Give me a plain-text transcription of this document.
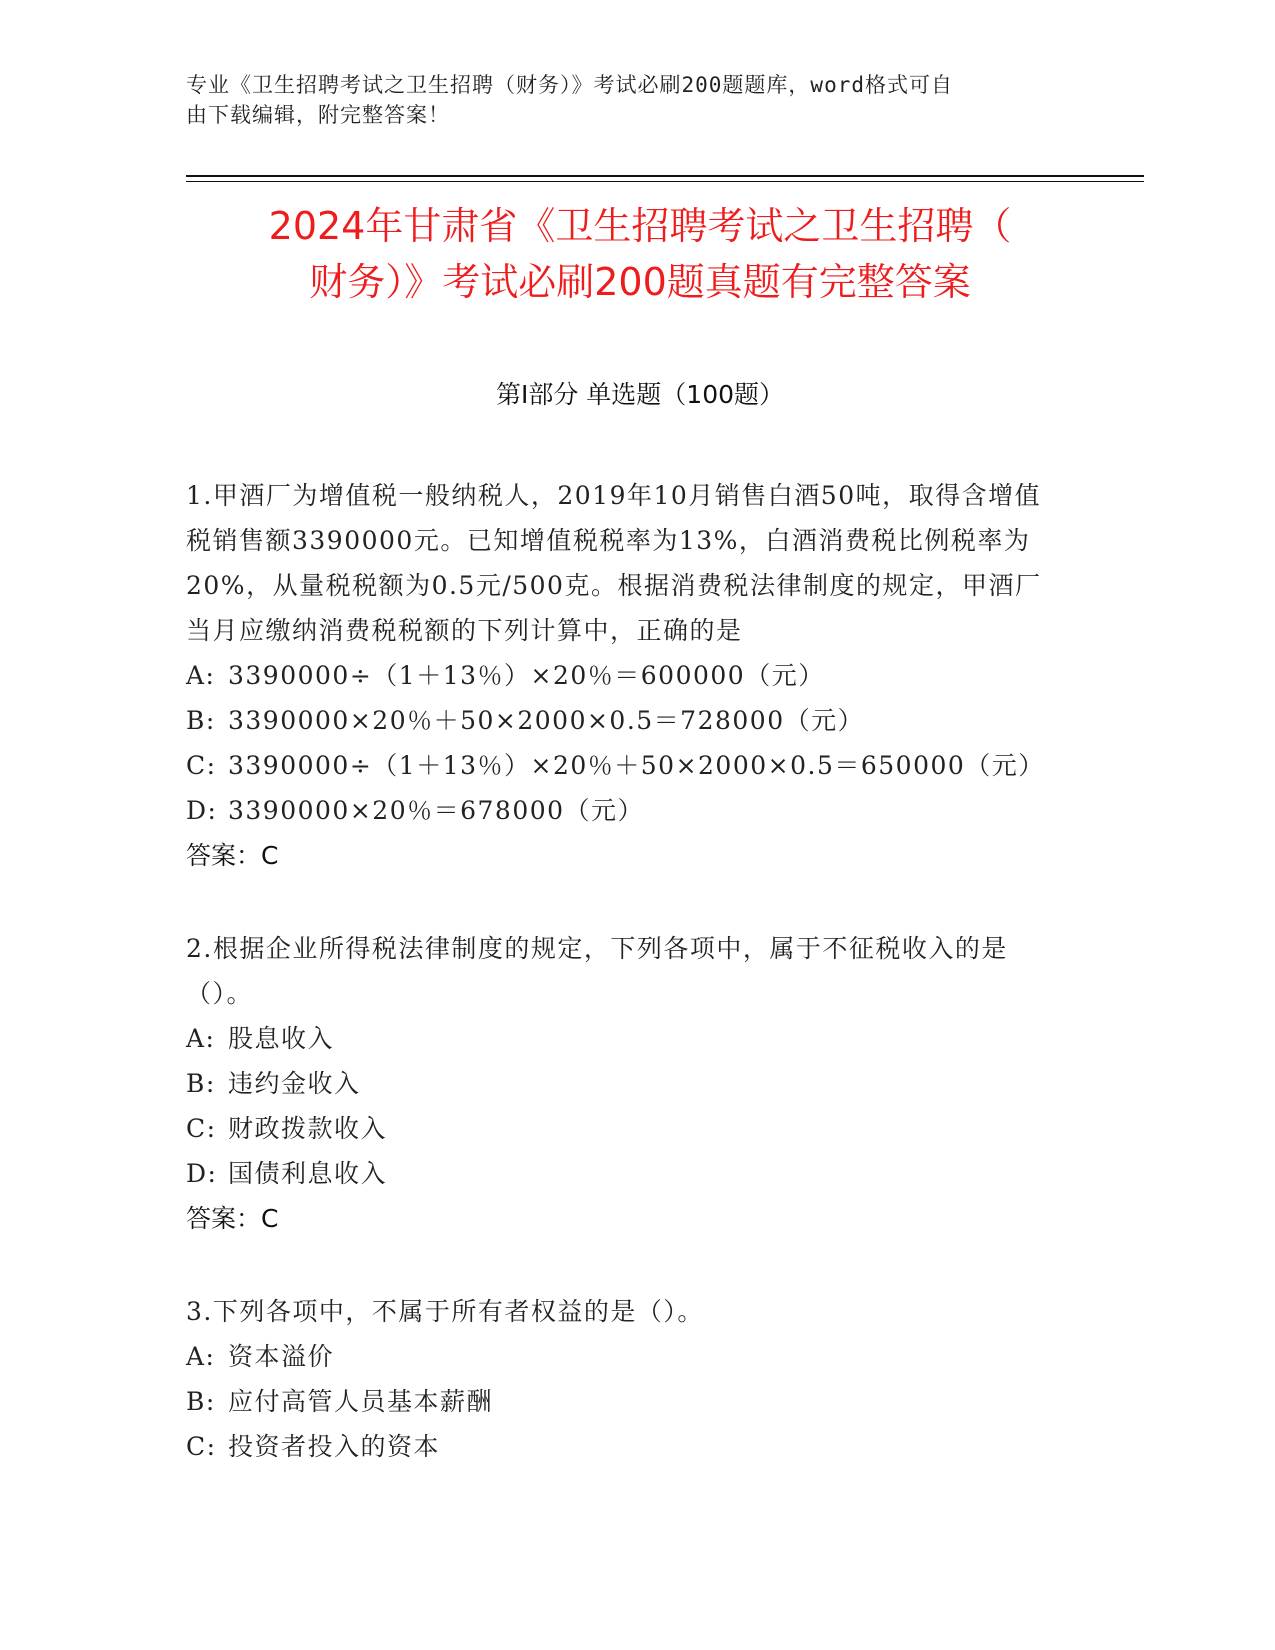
专业《卫生招聘考试之卫生招聘（财务）》考试必刷200题题库，word格式可自
由下载编辑，附完整答案！
2024年甘肃省《卫生招聘考试之卫生招聘（
财务）》考试必刷200题真题有完整答案
第Ⅰ部分 单选题（100题）
1.甲酒厂为增值税一般纳税人，2019年10月销售白酒50吨，取得含增值税销售额3390000元。已知增值税税率为13%，白酒消费税比例税率为20%，从量税税额为0.5元/500克。根据消费税法律制度的规定，甲酒厂当月应缴纳消费税税额的下列计算中，正确的是
A: 3390000÷（1＋13％）×20％＝600000（元）
B: 3390000×20％＋50×2000×0.5＝728000（元）
C: 3390000÷（1＋13％）×20％＋50×2000×0.5＝650000（元）
D: 3390000×20％＝678000（元）
答案：C
2.根据企业所得税法律制度的规定，下列各项中，属于不征税收入的是（）。
A: 股息收入
B: 违约金收入
C: 财政拨款收入
D: 国债利息收入
答案：C
3.下列各项中，不属于所有者权益的是（）。
A: 资本溢价
B: 应付高管人员基本薪酬
C: 投资者投入的资本
